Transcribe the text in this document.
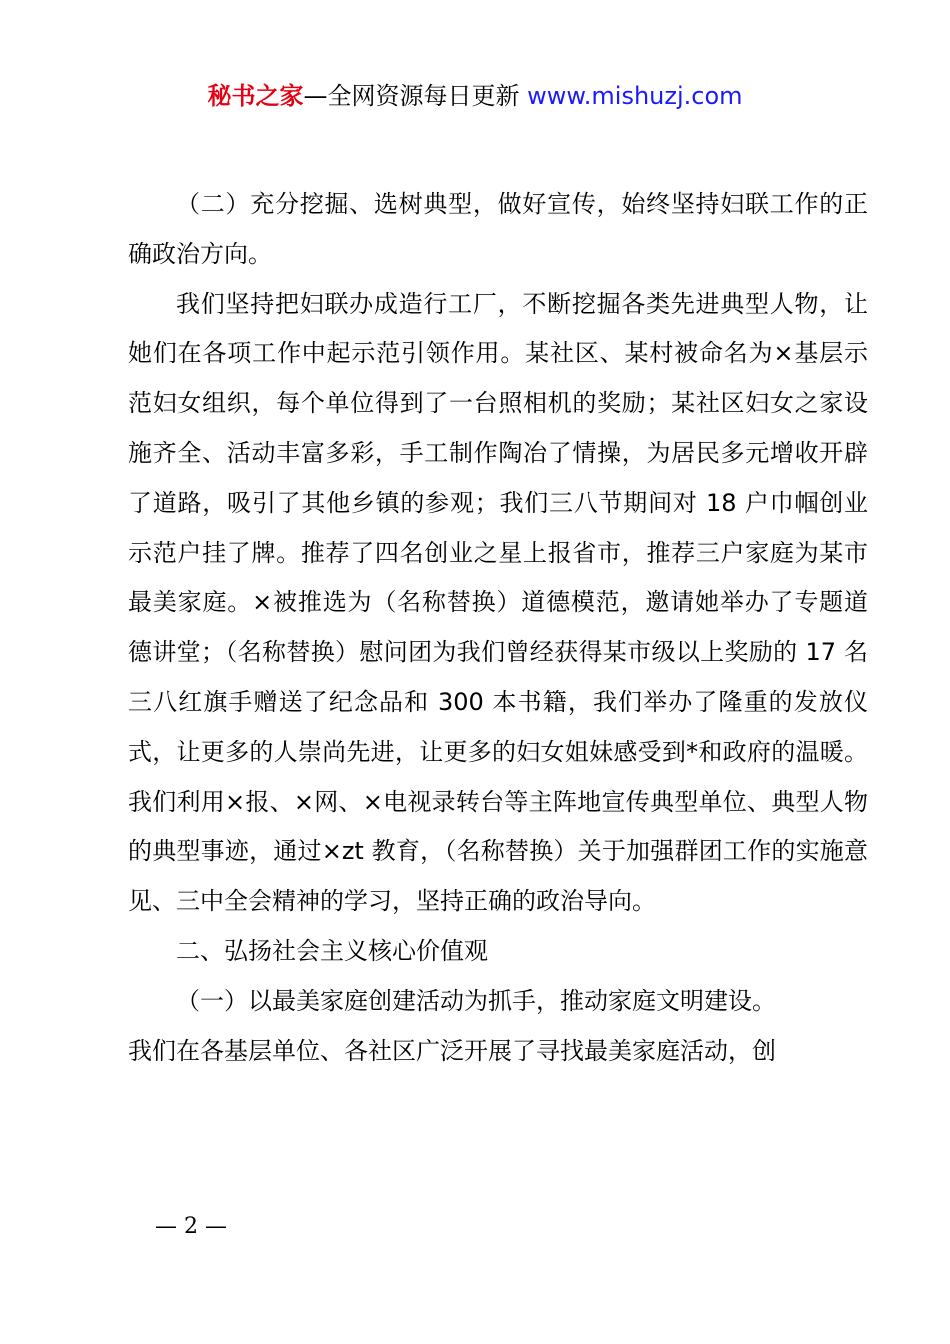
秘书之家—全网资源每日更新 www.mishuzj.com

（二）充分挖掘、选树典型，做好宣传，始终坚持妇联工作的正确政治方向。

我们坚持把妇联办成造行工厂，不断挖掘各类先进典型人物，让她们在各项工作中起示范引领作用。某社区、某村被命名为×基层示范妇女组织，每个单位得到了一台照相机的奖励；某社区妇女之家设施齐全、活动丰富多彩，手工制作陶冶了情操，为居民多元增收开辟了道路，吸引了其他乡镇的参观；我们三八节期间对 18 户巾帼创业示范户挂了牌。推荐了四名创业之星上报省市，推荐三户家庭为某市最美家庭。×被推选为（名称替换）道德模范，邀请她举办了专题道德讲堂；（名称替换）慰问团为我们曾经获得某市级以上奖励的 17 名三八红旗手赠送了纪念品和 300 本书籍，我们举办了隆重的发放仪式，让更多的人崇尚先进，让更多的妇女姐妹感受到*和政府的温暖。我们利用×报、×网、×电视录转台等主阵地宣传典型单位、典型人物的典型事迹，通过×zt 教育，（名称替换）关于加强群团工作的实施意见、三中全会精神的学习，坚持正确的政治导向。

二、弘扬社会主义核心价值观

（一）以最美家庭创建活动为抓手，推动家庭文明建设。

我们在各基层单位、各社区广泛开展了寻找最美家庭活动，创

— 2 —
